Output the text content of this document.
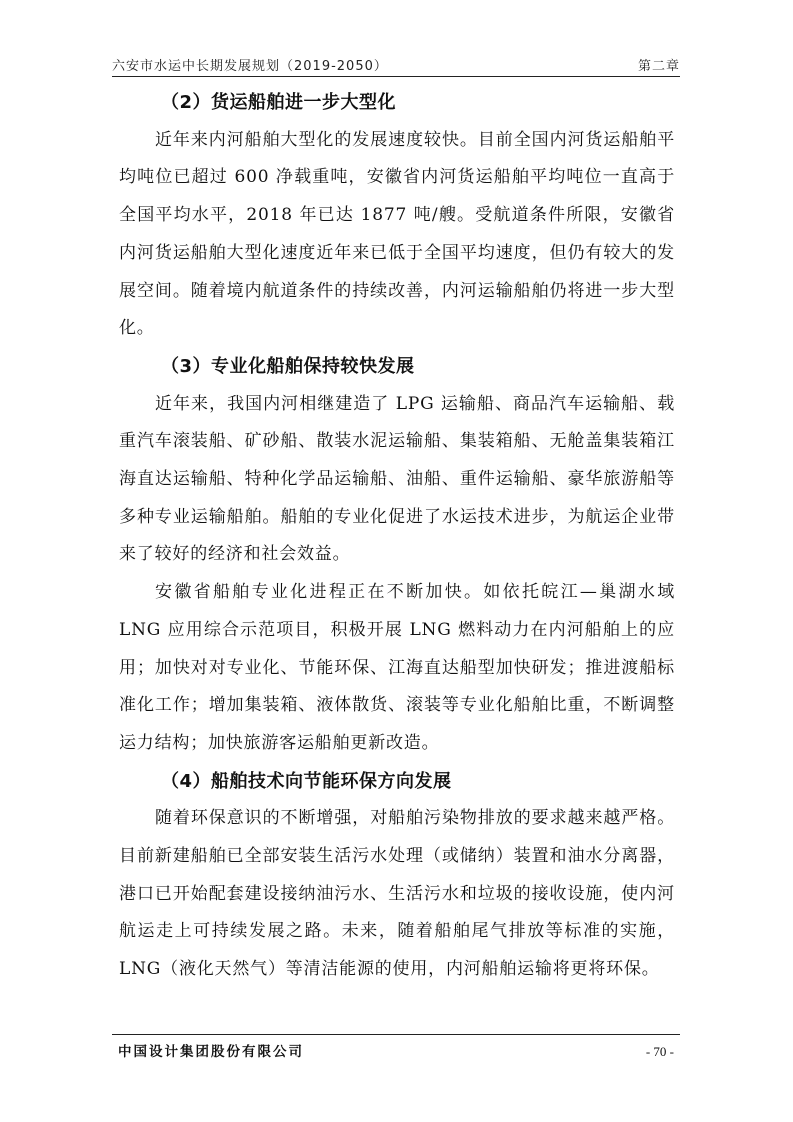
六安市水运中长期发展规划（2019-2050）	第二章
（2）货运船舶进一步大型化

近年来内河船舶大型化的发展速度较快。目前全国内河货运船舶平均吨位已超过 600 净载重吨，安徽省内河货运船舶平均吨位一直高于全国平均水平，2018 年已达 1877 吨/艘。受航道条件所限，安徽省内河货运船舶大型化速度近年来已低于全国平均速度，但仍有较大的发展空间。随着境内航道条件的持续改善，内河运输船舶仍将进一步大型化。

（3）专业化船舶保持较快发展

近年来，我国内河相继建造了 LPG 运输船、商品汽车运输船、载重汽车滚装船、矿砂船、散装水泥运输船、集装箱船、无舱盖集装箱江海直达运输船、特种化学品运输船、油船、重件运输船、豪华旅游船等多种专业运输船舶。船舶的专业化促进了水运技术进步，为航运企业带来了较好的经济和社会效益。

安徽省船舶专业化进程正在不断加快。如依托皖江—巢湖水域 LNG 应用综合示范项目，积极开展 LNG 燃料动力在内河船舶上的应用；加快对对专业化、节能环保、江海直达船型加快研发；推进渡船标准化工作；增加集装箱、液体散货、滚装等专业化船舶比重，不断调整运力结构；加快旅游客运船舶更新改造。

（4）船舶技术向节能环保方向发展

随着环保意识的不断增强，对船舶污染物排放的要求越来越严格。目前新建船舶已全部安装生活污水处理（或储纳）装置和油水分离器，港口已开始配套建设接纳油污水、生活污水和垃圾的接收设施，使内河航运走上可持续发展之路。未来，随着船舶尾气排放等标准的实施，LNG（液化天然气）等清洁能源的使用，内河船舶运输将更将环保。

中国设计集团股份有限公司	- 70 -
